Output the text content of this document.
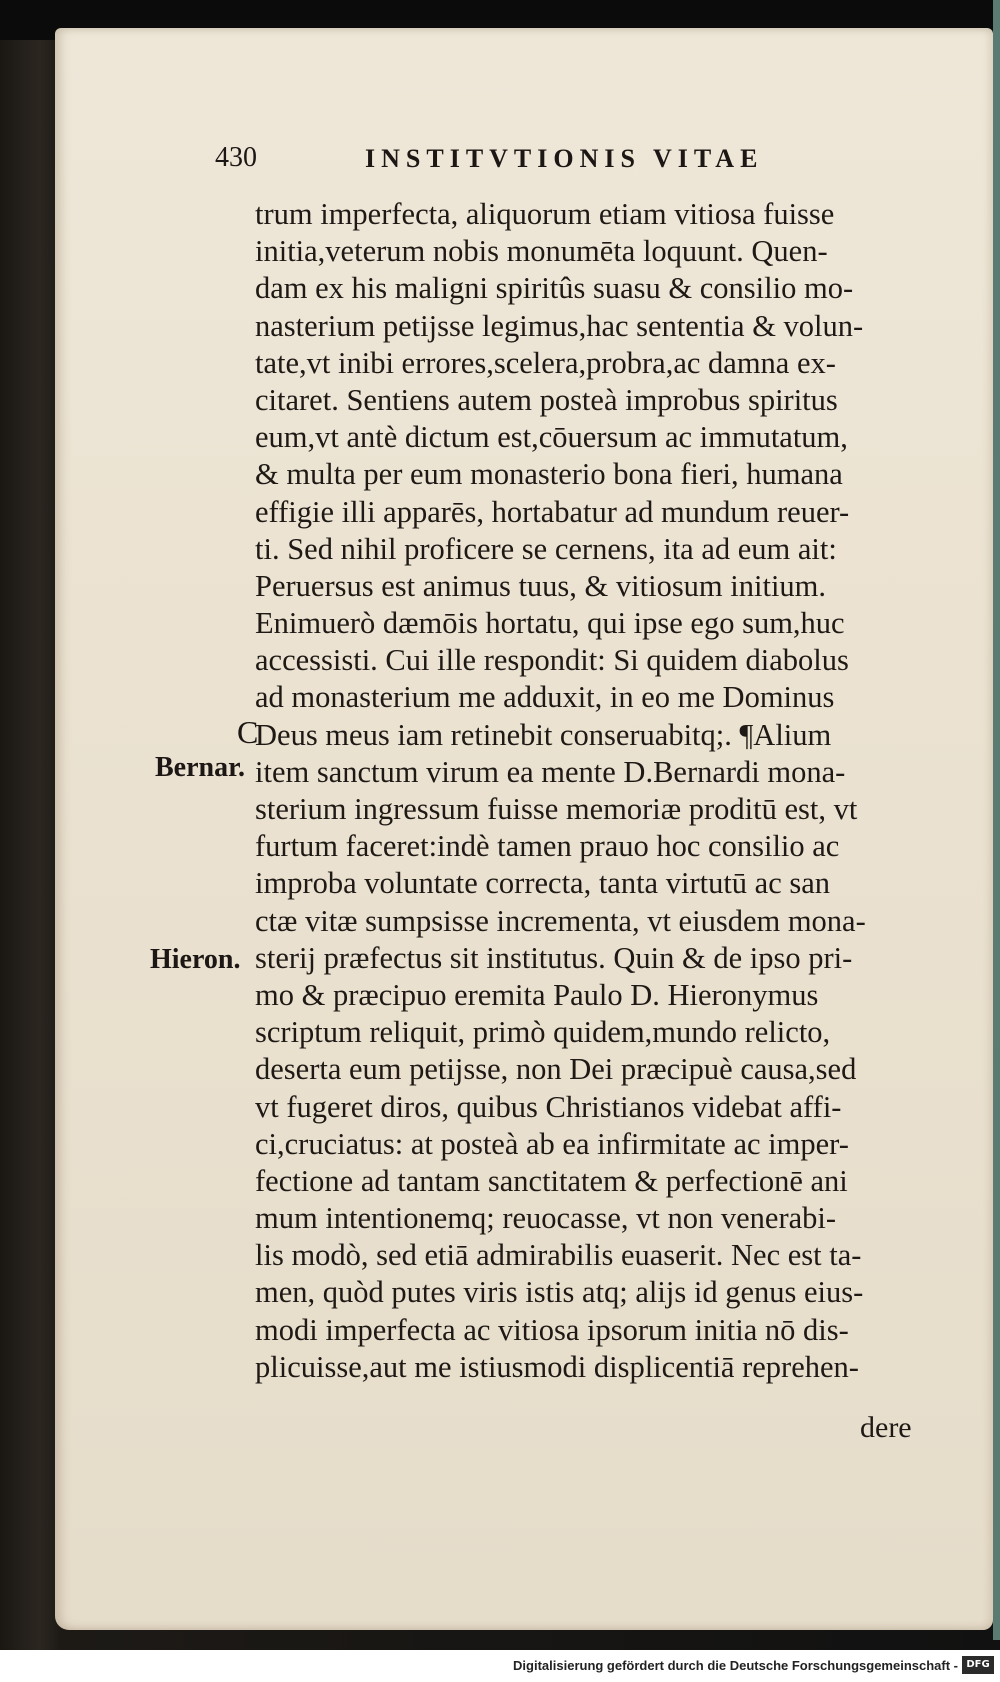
430	INSTITVTIONIS VITAE
C
Bernar.
Hieron.
trum imperfecta, aliquorum etiam vitiosa fuisse
initia,veterum nobis monumēta loquunt. Quen-
dam ex his maligni spiritûs suasu & consilio mo-
nasterium petijsse legimus,hac sententia & volun-
tate,vt inibi errores,scelera,probra,ac damna ex-
citaret. Sentiens autem posteà improbus spiritus
eum,vt antè dictum est,cōuersum ac immutatum,
& multa per eum monasterio bona fieri, humana
effigie illi apparēs, hortabatur ad mundum reuer-
ti. Sed nihil proficere se cernens, ita ad eum ait:
Peruersus est animus tuus, & vitiosum initium.
Enimuerò dæmōis hortatu, qui ipse ego sum,huc
accessisti. Cui ille respondit: Si quidem diabolus
ad monasterium me adduxit, in eo me Dominus
Deus meus iam retinebit conseruabitq;. ¶Alium
item sanctum virum ea mente D.Bernardi mona-
sterium ingressum fuisse memoriæ proditū est, vt
furtum faceret:indè tamen prauo hoc consilio ac
improba voluntate correcta, tanta virtutū ac san
ctæ vitæ sumpsisse incrementa, vt eiusdem mona-
sterij præfectus sit institutus. Quin & de ipso pri-
mo & præcipuo eremita Paulo D. Hieronymus
scriptum reliquit, primò quidem,mundo relicto,
deserta eum petijsse, non Dei præcipuè causa,sed
vt fugeret diros, quibus Christianos videbat affi-
ci,cruciatus: at posteà ab ea infirmitate ac imper-
fectione ad tantam sanctitatem & perfectionē ani
mum intentionemq; reuocasse, vt non venerabi-
lis modò, sed etiā admirabilis euaserit. Nec est ta-
men, quòd putes viris istis atq; alijs id genus eius-
modi imperfecta ac vitiosa ipsorum initia nō dis-
plicuisse,aut me istiusmodi displicentiā reprehen-
dere
Digitalisierung gefördert durch die Deutsche Forschungsgemeinschaft - DFG
